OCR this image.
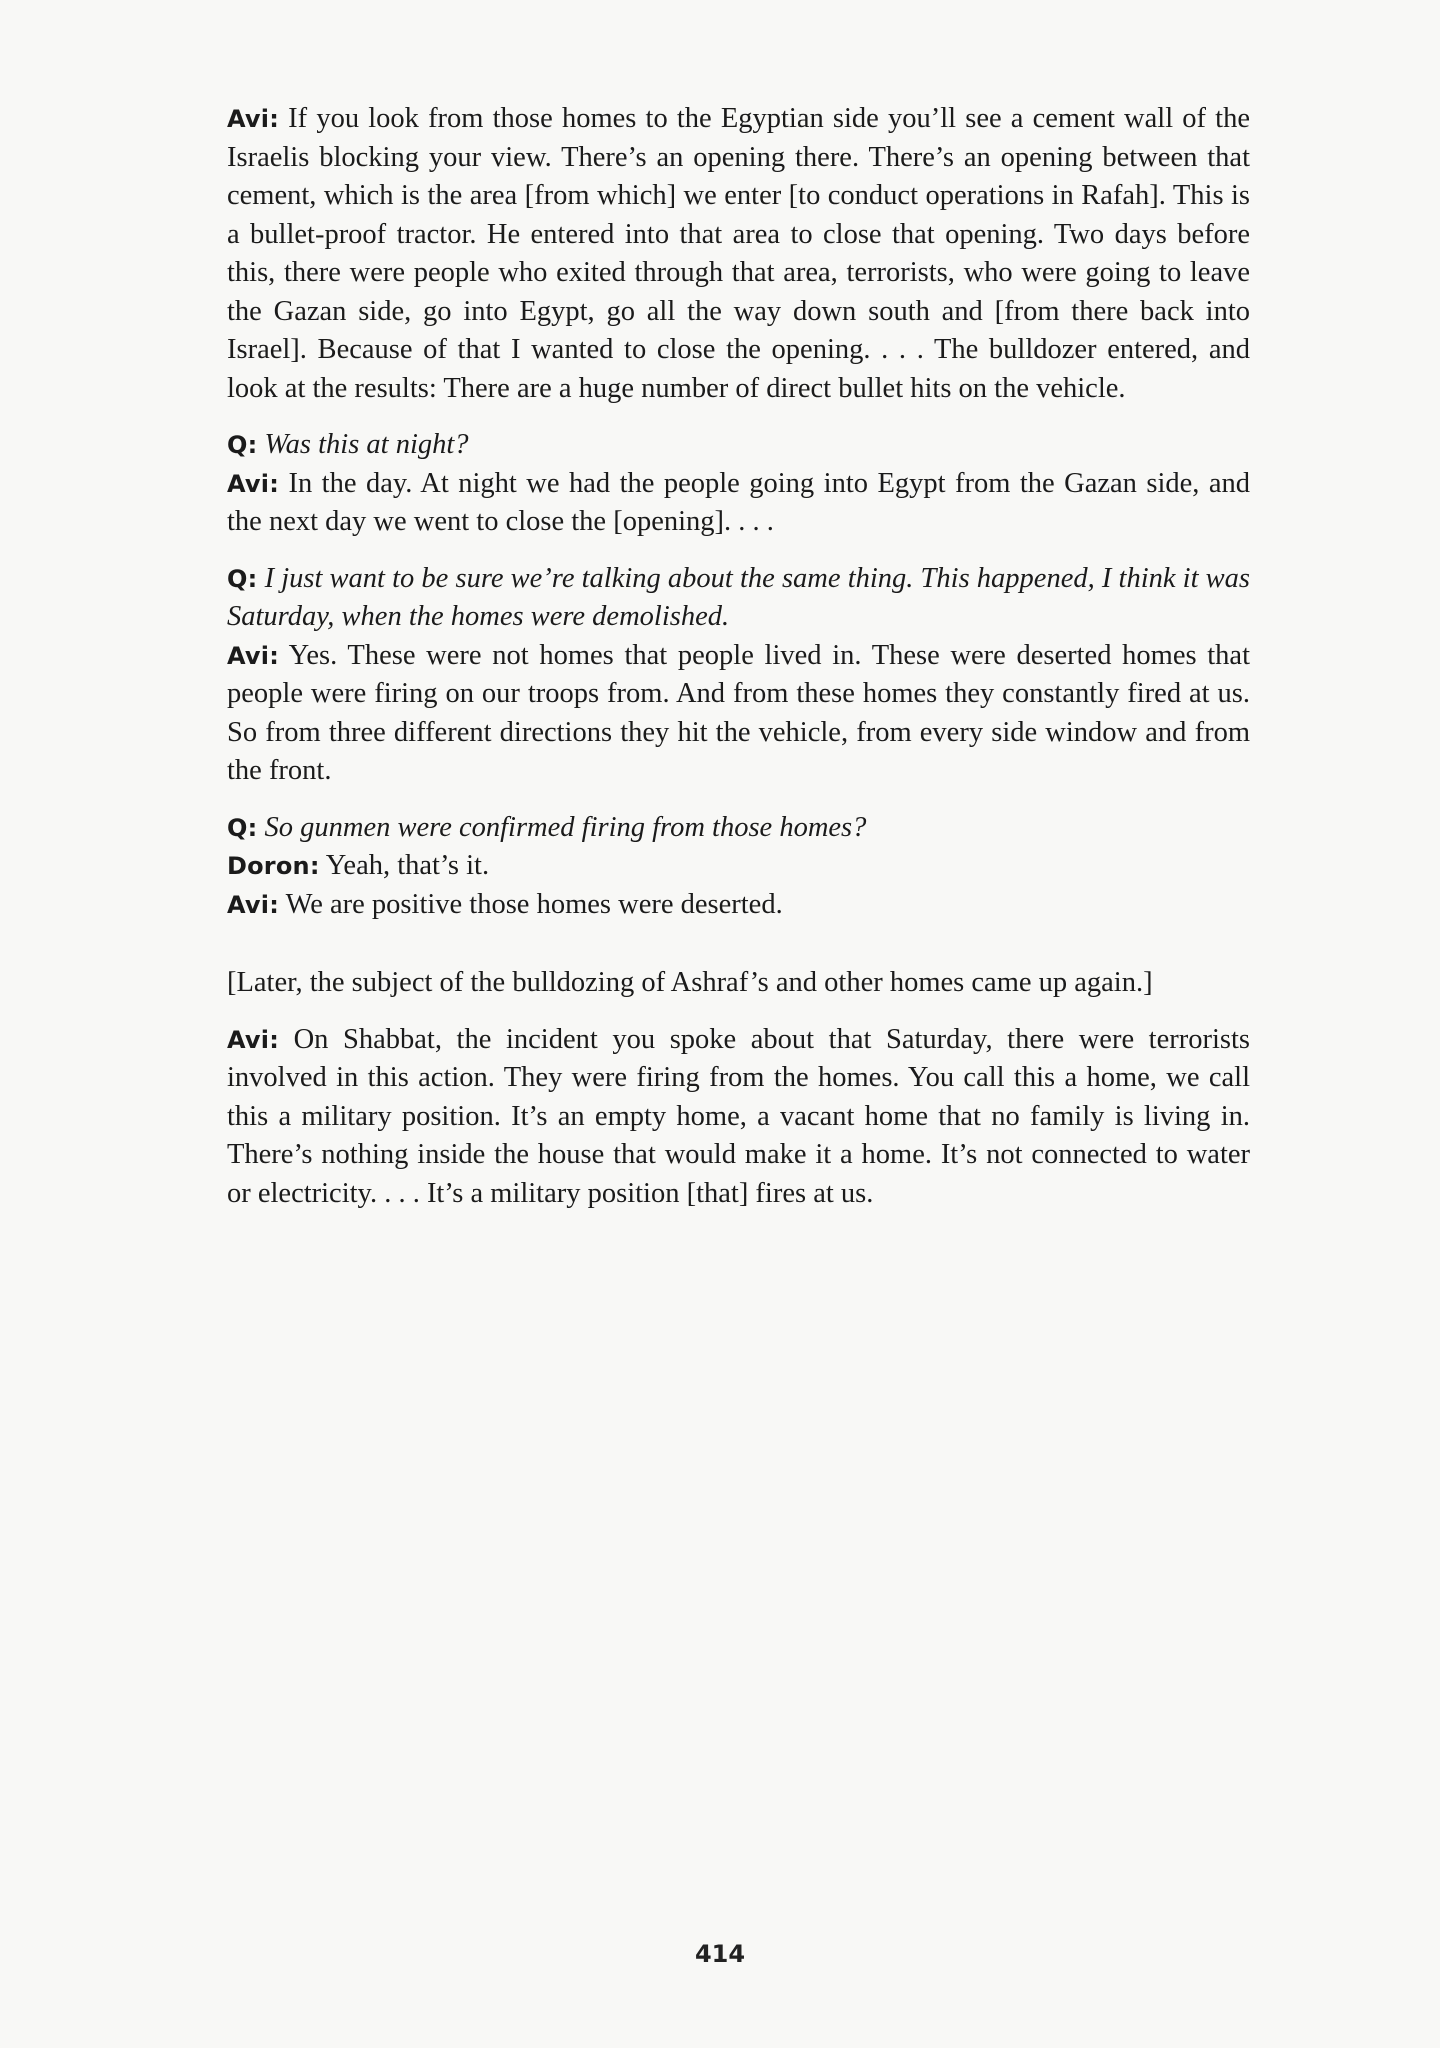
Avi: If you look from those homes to the Egyptian side you’ll see a cement wall of the Israelis blocking your view. There’s an opening there. There’s an opening between that cement, which is the area [from which] we enter [to conduct operations in Rafah]. This is a bullet-proof tractor. He entered into that area to close that opening. Two days before this, there were people who exited through that area, terrorists, who were going to leave the Gazan side, go into Egypt, go all the way down south and [from there back into Israel]. Because of that I wanted to close the opening. . . . The bulldozer entered, and look at the results: There are a huge number of direct bullet hits on the vehicle.

Q: Was this at night?

Avi: In the day. At night we had the people going into Egypt from the Gazan side, and the next day we went to close the [opening]. . . .

Q: I just want to be sure we’re talking about the same thing. This happened, I think it was Saturday, when the homes were demolished.

Avi: Yes. These were not homes that people lived in. These were deserted homes that people were firing on our troops from. And from these homes they constantly fired at us. So from three different directions they hit the vehicle, from every side window and from the front.

Q: So gunmen were confirmed firing from those homes?

Doron: Yeah, that’s it.

Avi: We are positive those homes were deserted.

[Later, the subject of the bulldozing of Ashraf’s and other homes came up again.]

Avi: On Shabbat, the incident you spoke about that Saturday, there were terrorists involved in this action. They were firing from the homes. You call this a home, we call this a military position. It’s an empty home, a vacant home that no family is living in. There’s nothing inside the house that would make it a home. It’s not connected to water or electricity. . . . It’s a military position [that] fires at us.

414
